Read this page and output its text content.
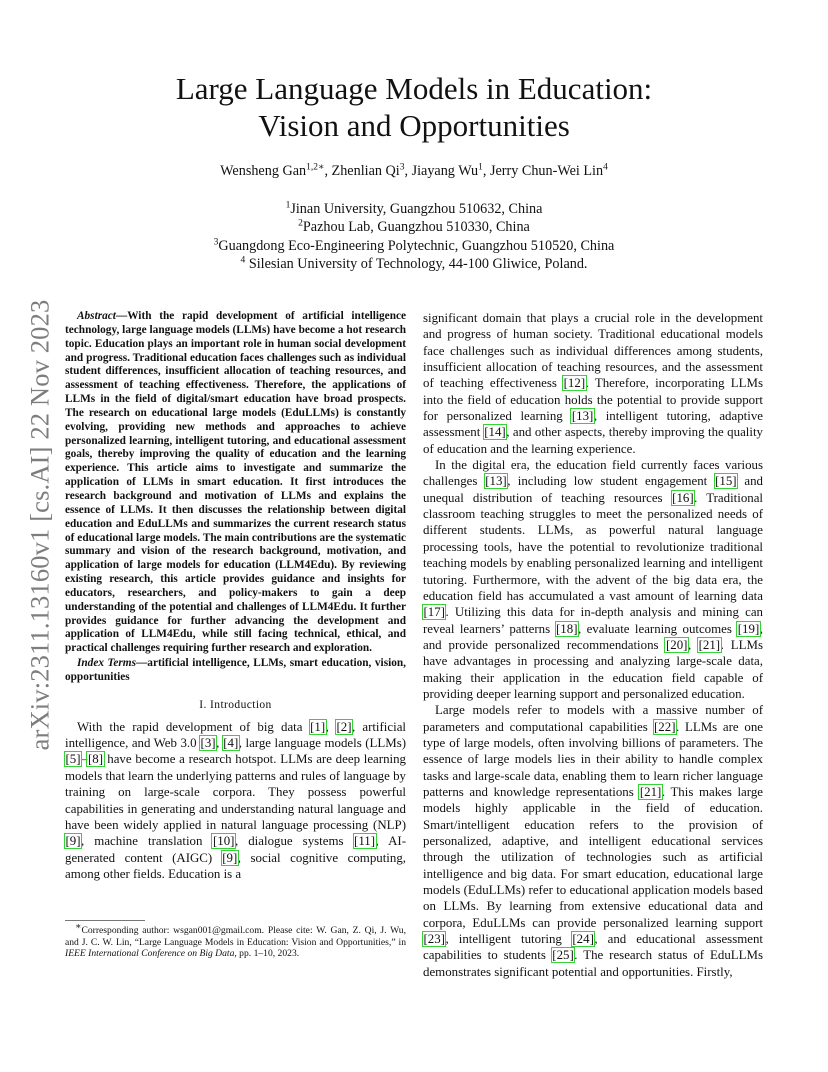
arXiv:2311.13160v1 [cs.AI] 22 Nov 2023
Large Language Models in Education:
Vision and Opportunities
Wensheng Gan$^{1,2∗}$, Zhenlian Qi$^3$, Jiayang Wu$^1$, Jerry Chun-Wei Lin$^4$
$^1$Jinan University, Guangzhou 510632, China
$^2$Pazhou Lab, Guangzhou 510330, China
$^3$Guangdong Eco-Engineering Polytechnic, Guangzhou 510520, China
$^4$ Silesian University of Technology, 44-100 Gliwice, Poland.

Abstract—With the rapid development of artificial intelligence technology, large language models (LLMs) have become a hot research topic. Education plays an important role in human social development and progress. Traditional education faces challenges such as individual student differences, insufficient allocation of teaching resources, and assessment of teaching effectiveness. Therefore, the applications of LLMs in the field of digital/smart education have broad prospects. The research on educational large models (EduLLMs) is constantly evolving, providing new methods and approaches to achieve personalized learning, intelligent tutoring, and educational assessment goals, thereby improving the quality of education and the learning experience. This article aims to investigate and summarize the application of LLMs in smart education. It first introduces the research background and motivation of LLMs and explains the essence of LLMs. It then discusses the relationship between digital education and EduLLMs and summarizes the current research status of educational large models. The main contributions are the systematic summary and vision of the research background, motivation, and application of large models for education (LLM4Edu). By reviewing existing research, this article provides guidance and insights for educators, researchers, and policy-makers to gain a deep understanding of the potential and challenges of LLM4Edu. It further provides guidance for further advancing the development and application of LLM4Edu, while still facing technical, ethical, and practical challenges requiring further research and exploration.

Index Terms—artificial intelligence, LLMs, smart education, vision, opportunities

I. Introduction

With the rapid development of big data [1], [2], artificial intelligence, and Web 3.0 [3], [4], large language models (LLMs) [5]–[8] have become a research hotspot. LLMs are deep learning models that learn the underlying patterns and rules of language by training on large-scale corpora. They possess powerful capabilities in generating and understanding natural language and have been widely applied in natural language processing (NLP) [9], machine translation [10], dialogue systems [11], AI-generated content (AIGC) [9], social cognitive computing, among other fields. Education is a

∗Corresponding author: wsgan001@gmail.com. Please cite: W. Gan, Z. Qi, J. Wu, and J. C. W. Lin, “Large Language Models in Education: Vision and Opportunities,” in IEEE International Conference on Big Data, pp. 1–10, 2023.

significant domain that plays a crucial role in the development and progress of human society. Traditional educational models face challenges such as individual differences among students, insufficient allocation of teaching resources, and the assessment of teaching effectiveness [12]. Therefore, incorporating LLMs into the field of education holds the potential to provide support for personalized learning [13], intelligent tutoring, adaptive assessment [14], and other aspects, thereby improving the quality of education and the learning experience.

In the digital era, the education field currently faces various challenges [13], including low student engagement [15] and unequal distribution of teaching resources [16]. Traditional classroom teaching struggles to meet the personalized needs of different students. LLMs, as powerful natural language processing tools, have the potential to revolutionize traditional teaching models by enabling personalized learning and intelligent tutoring. Furthermore, with the advent of the big data era, the education field has accumulated a vast amount of learning data [17]. Utilizing this data for in-depth analysis and mining can reveal learners’ patterns [18], evaluate learning outcomes [19], and provide personalized recommendations [20], [21]. LLMs have advantages in processing and analyzing large-scale data, making their application in the education field capable of providing deeper learning support and personalized education.

Large models refer to models with a massive number of parameters and computational capabilities [22]. LLMs are one type of large models, often involving billions of parameters. The essence of large models lies in their ability to handle complex tasks and large-scale data, enabling them to learn richer language patterns and knowledge representations [21]. This makes large models highly applicable in the field of education. Smart/intelligent education refers to the provision of personalized, adaptive, and intelligent educational services through the utilization of technologies such as artificial intelligence and big data. For smart education, educational large models (EduLLMs) refer to educational application models based on LLMs. By learning from extensive educational data and corpora, EduLLMs can provide personalized learning support [23], intelligent tutoring [24], and educational assessment capabilities to students [25]. The research status of EduLLMs demonstrates significant potential and opportunities. Firstly,
